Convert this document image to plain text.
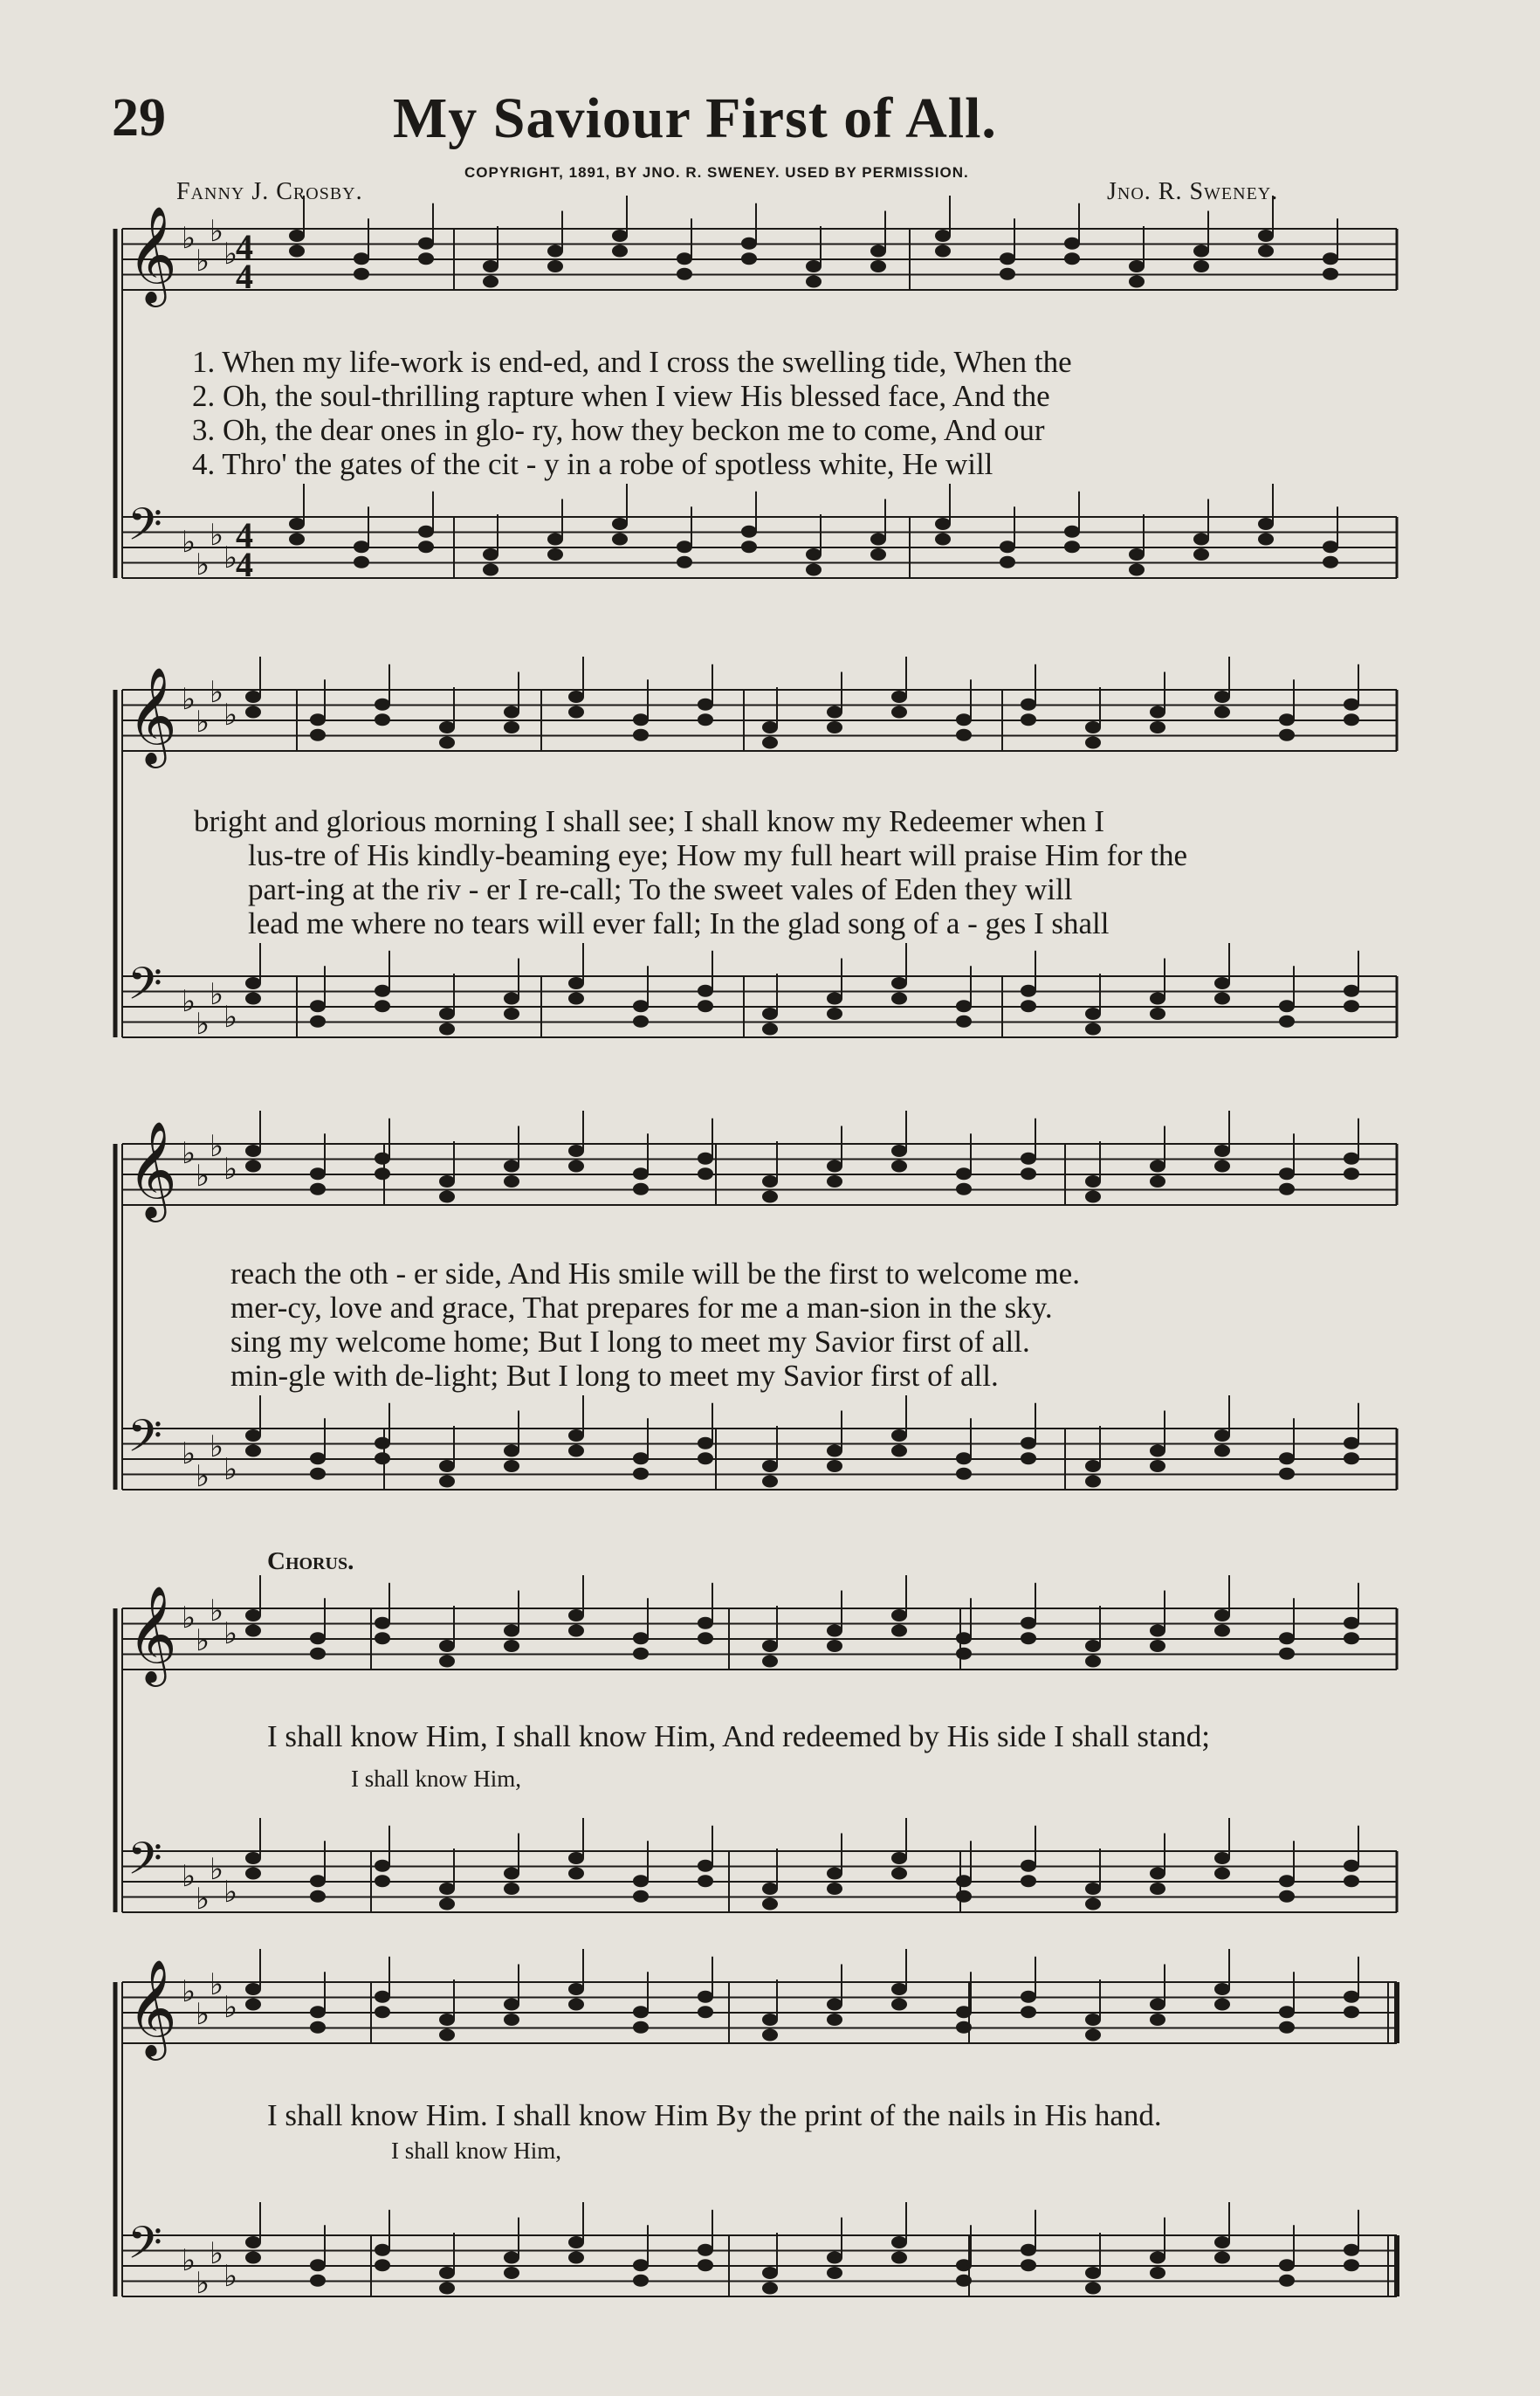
29	My Saviour First of All.
COPYRIGHT, 1891, BY JNO. R. SWENEY. USED BY PERMISSION.
Fanny J. Crosby.	Jno. R. Sweney.
𝄞 ♭
♭
♭
♭
𝄢 ♭
♭
♭
♭
4
4
4
4
𝄞 ♭
♭
♭
♭
𝄢 ♭
♭
♭
♭
𝄞 ♭
♭
♭
♭
𝄢 ♭
♭
♭
♭
𝄞 ♭
♭
♭
♭
𝄢 ♭
♭
♭
♭
𝄞 ♭
♭
♭
♭
𝄢 ♭
♭
♭
♭
1. When my life-work is end-ed, and I cross the swelling tide, When the
2. Oh, the soul-thrilling rapture when I view His blessed face, And the
3. Oh, the dear ones in glo- ry, how they beckon me to come, And our
4. Thro' the gates of the cit - y in a robe of spotless white, He will
bright and glorious morning I shall see; I shall know my Redeemer when I
lus-tre of His kindly-beaming eye; How my full heart will praise Him for the
part-ing at the riv - er I re-call; To the sweet vales of Eden they will
lead me where no tears will ever fall; In the glad song of a - ges I shall
reach the oth - er side, And His smile will be the first to welcome me.
mer-cy, love and grace, That prepares for me a man-sion in the sky.
sing my welcome home; But I long to meet my Savior first of all.
min-gle with de-light; But I long to meet my Savior first of all.
Chorus.
I shall know Him, I shall know Him, And redeemed by His side I shall stand;
I shall know Him,
I shall know Him. I shall know Him By the print of the nails in His hand.
I shall know Him,
